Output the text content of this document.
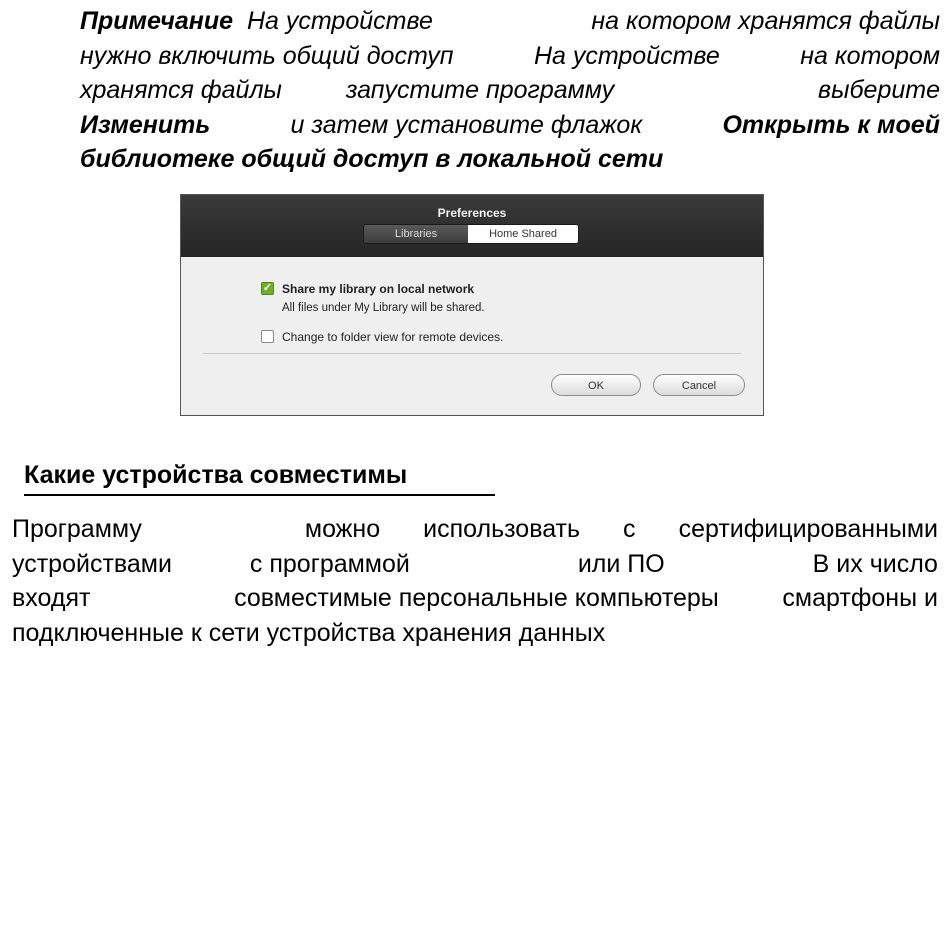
Примечание На устройстве	на котором хранятся файлы
нужно включить общий доступ	На устройстве	на котором
хранятся файлы	запустите программу	выберите
Изменить	и затем установите флажок	Открыть к моей
библиотеке общий доступ в локальной сети
Preferences
Libraries	Home Shared
✓ Share my library on local network
All files under My Library will be shared.
Change to folder view for remote devices.
OK	Cancel
Какие устройства совместимы
Программу	можно использовать с сертифицированными
устройствами	с программой	или ПО	В их число
входят	совместимые персональные компьютеры	смартфоны и
подключенные к сети устройства хранения данных
